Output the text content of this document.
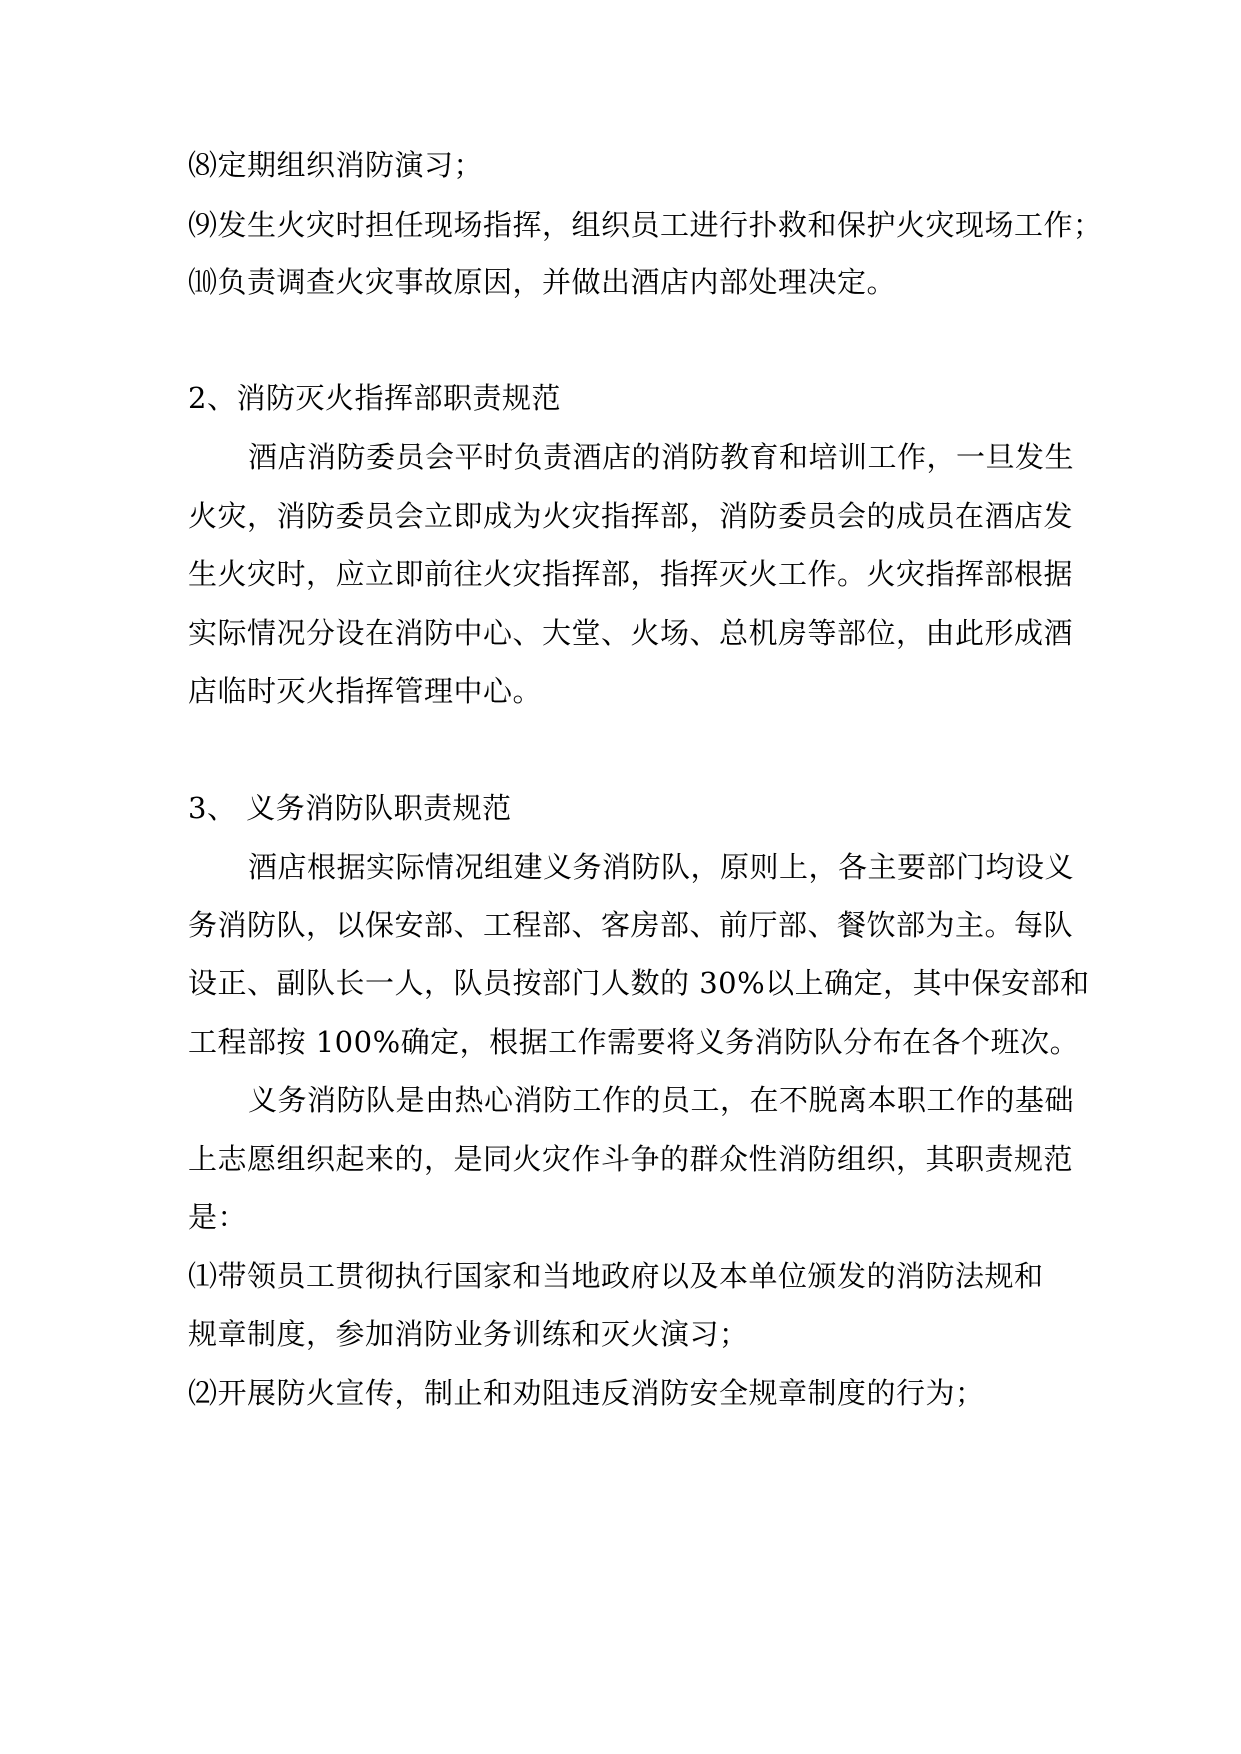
⑻定期组织消防演习；
⑼发生火灾时担任现场指挥，组织员工进行扑救和保护火灾现场工作；
⑽负责调查火灾事故原因，并做出酒店内部处理决定。
2、消防灭火指挥部职责规范
酒店消防委员会平时负责酒店的消防教育和培训工作，一旦发生
火灾，消防委员会立即成为火灾指挥部，消防委员会的成员在酒店发
生火灾时，应立即前往火灾指挥部，指挥灭火工作。火灾指挥部根据
实际情况分设在消防中心、大堂、火场、总机房等部位，由此形成酒
店临时灭火指挥管理中心。
3、 义务消防队职责规范
酒店根据实际情况组建义务消防队，原则上，各主要部门均设义
务消防队，以保安部、工程部、客房部、前厅部、餐饮部为主。每队
设正、副队长一人，队员按部门人数的 30%以上确定，其中保安部和
工程部按 100%确定，根据工作需要将义务消防队分布在各个班次。
义务消防队是由热心消防工作的员工，在不脱离本职工作的基础
上志愿组织起来的，是同火灾作斗争的群众性消防组织，其职责规范
是：
⑴带领员工贯彻执行国家和当地政府以及本单位颁发的消防法规和
规章制度，参加消防业务训练和灭火演习；
⑵开展防火宣传，制止和劝阻违反消防安全规章制度的行为；
